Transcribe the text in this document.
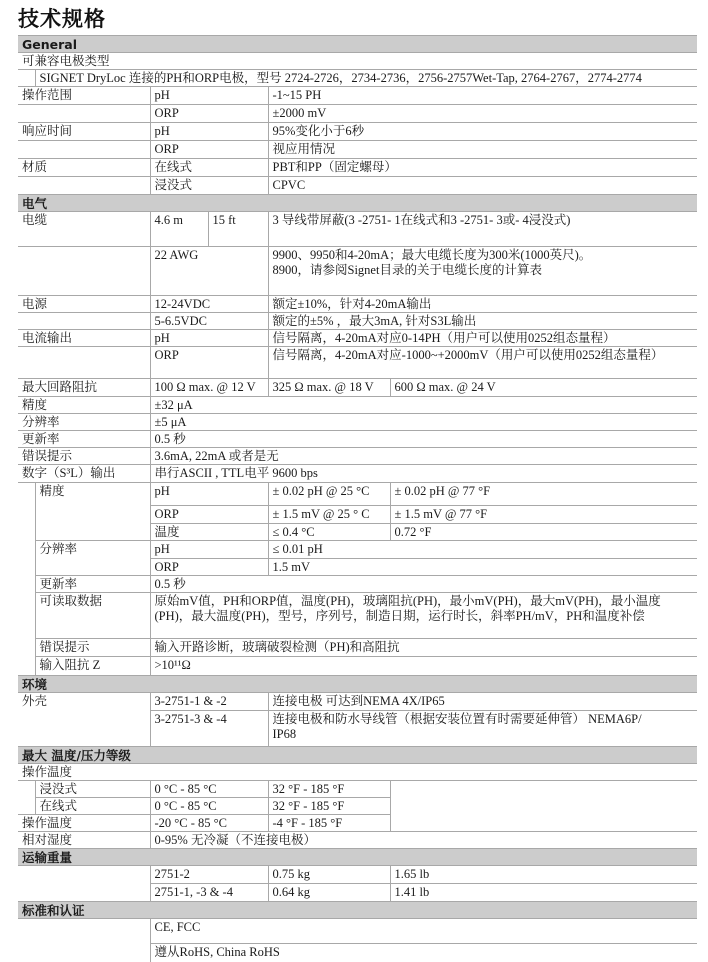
技术规格
General					
可兼容电极类型					
	SIGNET DryLoc 连接的PH和ORP电极，型号 2724-2726，2734-2736，2756-2757Wet-Tap, 2764-2767，2774-2774				
操作范围		pH		-1~15 PH	
		ORP		±2000 mV	
响应时间		pH		95%变化小于6秒	
		ORP		视应用情况	
材质		在线式		PBT和PP（固定螺母）	
		浸没式		CPVC	
电气					
电缆		4.6 m	15 ft	3 导线带屏蔽(3 -2751- 1在线式和3 -2751- 3或- 4浸没式)	
		22 AWG		9900、9950和4-20mA；最大电缆长度为300米(1000英尺)。
8900，请参阅Signet目录的关于电缆长度的计算表	

电源		12-24VDC		额定±10%，针对4-20mA输出	
		5-6.5VDC		额定的±5% ，最大3mA, 针对S3L输出	
电流输出		pH		信号隔离，4-20mA对应0-14PH（用户可以使用0252组态量程）	
		ORP		信号隔离，4-20mA对应-1000~+2000mV（用户可以使用0252组态量程）	
最大回路阻抗		100 Ω max. @ 12 V		325 Ω max. @ 18 V	600 Ω max. @ 24 V
精度		±32 μA			
分辨率		±5 μA			
更新率		0.5 秒			
错误提示		3.6mA, 22mA 或者是无			
数字（S³L）输出		串行ASCII , TTL电平 9600 bps			
	精度	pH		± 0.02 pH @ 25 °C	± 0.02 pH @ 77 °F
		ORP		± 1.5 mV @ 25 ° C	± 1.5 mV @ 77 °F
		温度		≤ 0.4 °C	0.72 °F
	分辨率	pH		≤ 0.01 pH	
		ORP		1.5 mV	
	更新率	0.5 秒			
	可读取数据	原始mV值，PH和ORP值，温度(PH)，玻璃阻抗(PH)，最小mV(PH)，最大mV(PH)，最小温度(PH)，最大温度(PH)，型号，序列号，制造日期，运行时长，斜率PH/mV，PH和温度补偿			
	错误提示	输入开路诊断，玻璃破裂检测（PH)和高阻抗			
	输入阻抗 Z	>10¹¹Ω			
环境					
外壳		3-2751-1 & -2		连接电极 可达到NEMA 4X/IP65	
		3-2751-3 & -4		连接电极和防水导线管（根据安装位置有时需要延伸管） NEMA6P/
IP68	

最大 温度/压力等级					
操作温度					
	浸没式	0 °C - 85 °C		32 °F - 185 °F	
	在线式	0 °C - 85 °C		32 °F - 185 °F	
操作温度		-20 °C - 85 °C		-4 °F - 185 °F	
相对湿度		0-95% 无冷凝（不连接电极）			
运输重量					
		2751-2		0.75 kg	1.65 lb
		2751-1, -3 & -4		0.64 kg	1.41 lb
标准和认证					
		CE, FCC			
		遵从RoHS, China RoHS			
